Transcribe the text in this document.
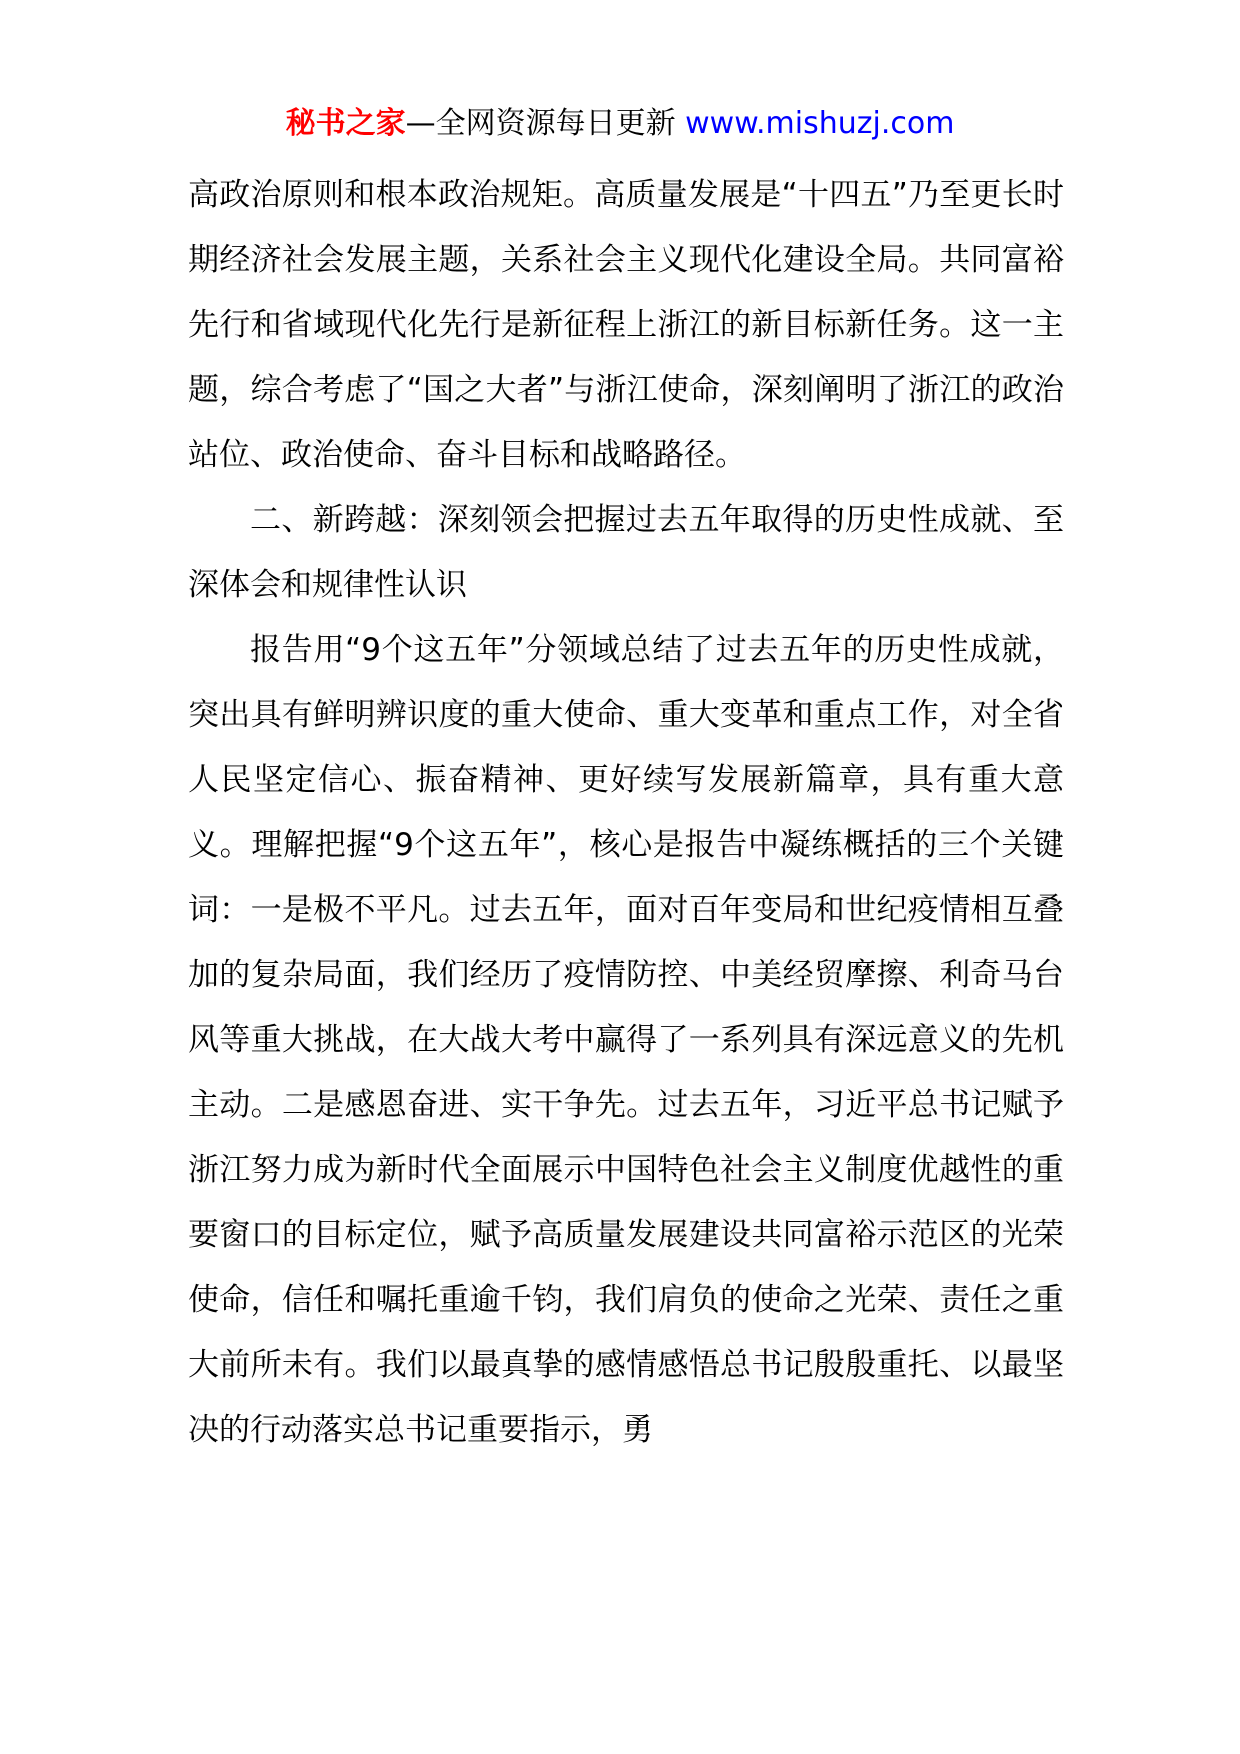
秘书之家—全网资源每日更新 www.mishuzj.com

高政治原则和根本政治规矩。高质量发展是“十四五”乃至更长时期经济社会发展主题，关系社会主义现代化建设全局。共同富裕先行和省域现代化先行是新征程上浙江的新目标新任务。这一主题，综合考虑了“国之大者”与浙江使命，深刻阐明了浙江的政治站位、政治使命、奋斗目标和战略路径。

二、新跨越：深刻领会把握过去五年取得的历史性成就、至深体会和规律性认识

报告用“9个这五年”分领域总结了过去五年的历史性成就，突出具有鲜明辨识度的重大使命、重大变革和重点工作，对全省人民坚定信心、振奋精神、更好续写发展新篇章，具有重大意义。理解把握“9个这五年”，核心是报告中凝练概括的三个关键词：一是极不平凡。过去五年，面对百年变局和世纪疫情相互叠加的复杂局面，我们经历了疫情防控、中美经贸摩擦、利奇马台风等重大挑战，在大战大考中赢得了一系列具有深远意义的先机主动。二是感恩奋进、实干争先。过去五年，习近平总书记赋予浙江努力成为新时代全面展示中国特色社会主义制度优越性的重要窗口的目标定位，赋予高质量发展建设共同富裕示范区的光荣使命，信任和嘱托重逾千钧，我们肩负的使命之光荣、责任之重大前所未有。我们以最真挚的感情感悟总书记殷殷重托、以最坚决的行动落实总书记重要指示，勇
